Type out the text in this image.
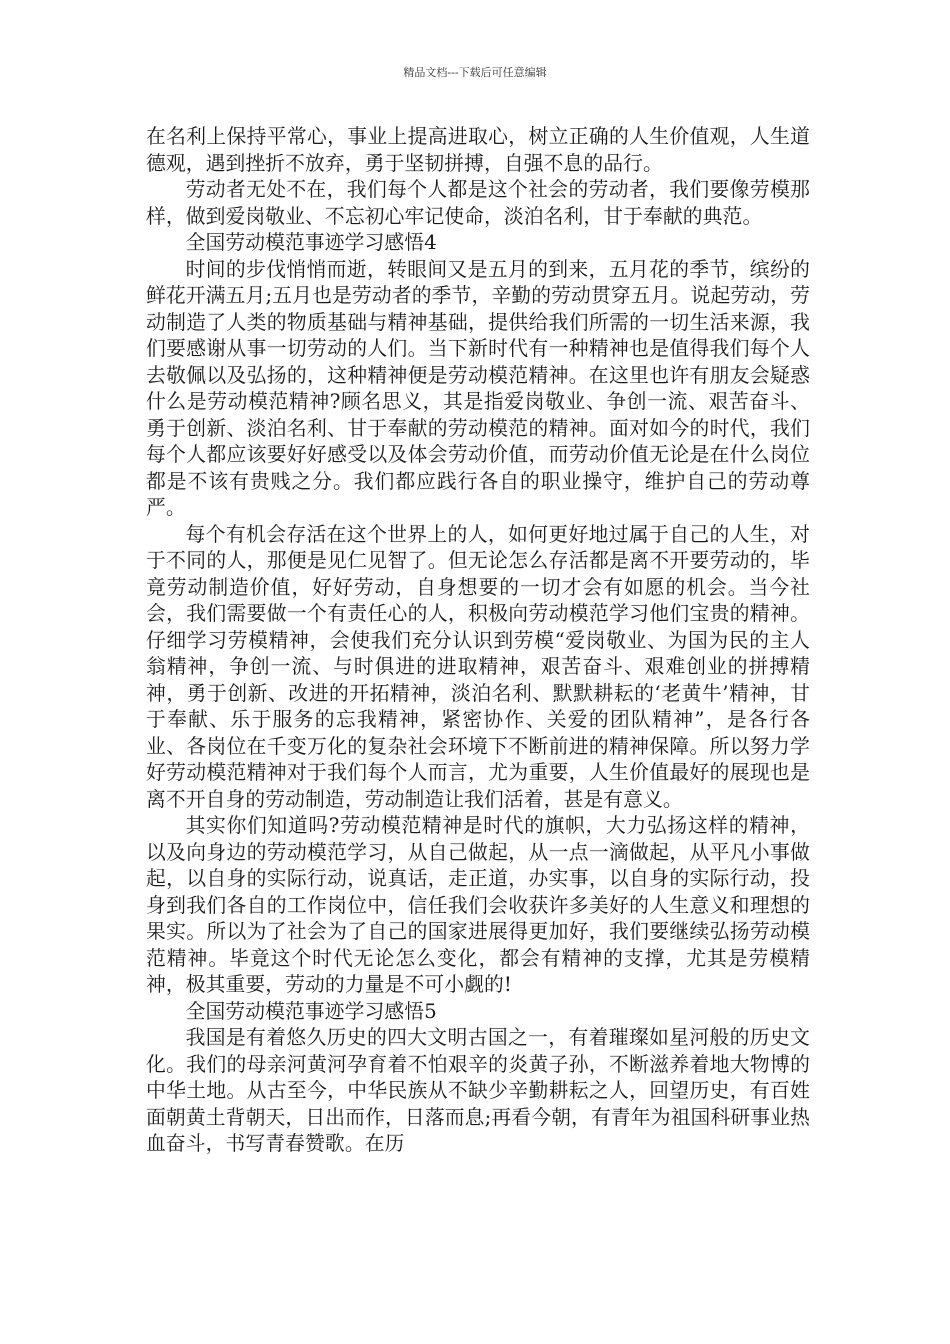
精品文档---下载后可任意编辑

在名利上保持平常心，事业上提高进取心，树立正确的人生价值观，人生道德观，遇到挫折不放弃，勇于坚韧拼搏，自强不息的品行。

劳动者无处不在，我们每个人都是这个社会的劳动者，我们要像劳模那样，做到爱岗敬业、不忘初心牢记使命，淡泊名利，甘于奉献的典范。

全国劳动模范事迹学习感悟4

时间的步伐悄悄而逝，转眼间又是五月的到来，五月花的季节，缤纷的鲜花开满五月;五月也是劳动者的季节，辛勤的劳动贯穿五月。说起劳动，劳动制造了人类的物质基础与精神基础，提供给我们所需的一切生活来源，我们要感谢从事一切劳动的人们。当下新时代有一种精神也是值得我们每个人去敬佩以及弘扬的，这种精神便是劳动模范精神。在这里也许有朋友会疑惑什么是劳动模范精神?顾名思义，其是指爱岗敬业、争创一流、艰苦奋斗、勇于创新、淡泊名利、甘于奉献的劳动模范的精神。面对如今的时代，我们每个人都应该要好好感受以及体会劳动价值，而劳动价值无论是在什么岗位都是不该有贵贱之分。我们都应践行各自的职业操守，维护自己的劳动尊严。

每个有机会存活在这个世界上的人，如何更好地过属于自己的人生，对于不同的人，那便是见仁见智了。但无论怎么存活都是离不开要劳动的，毕竟劳动制造价值，好好劳动，自身想要的一切才会有如愿的机会。当今社会，我们需要做一个有责任心的人，积极向劳动模范学习他们宝贵的精神。仔细学习劳模精神，会使我们充分认识到劳模“爱岗敬业、为国为民的主人翁精神，争创一流、与时俱进的进取精神，艰苦奋斗、艰难创业的拼搏精神，勇于创新、改进的开拓精神，淡泊名利、默默耕耘的‘老黄牛’精神，甘于奉献、乐于服务的忘我精神，紧密协作、关爱的团队精神”，是各行各业、各岗位在千变万化的复杂社会环境下不断前进的精神保障。所以努力学好劳动模范精神对于我们每个人而言，尤为重要，人生价值最好的展现也是离不开自身的劳动制造，劳动制造让我们活着，甚是有意义。

其实你们知道吗?劳动模范精神是时代的旗帜，大力弘扬这样的精神，以及向身边的劳动模范学习，从自己做起，从一点一滴做起，从平凡小事做起，以自身的实际行动，说真话，走正道，办实事，以自身的实际行动，投身到我们各自的工作岗位中，信任我们会收获许多美好的人生意义和理想的果实。所以为了社会为了自己的国家进展得更加好，我们要继续弘扬劳动模范精神。毕竟这个时代无论怎么变化，都会有精神的支撑，尤其是劳模精神，极其重要，劳动的力量是不可小觑的!

全国劳动模范事迹学习感悟5

我国是有着悠久历史的四大文明古国之一，有着璀璨如星河般的历史文化。我们的母亲河黄河孕育着不怕艰辛的炎黄子孙，不断滋养着地大物博的中华土地。从古至今，中华民族从不缺少辛勤耕耘之人，回望历史，有百姓面朝黄土背朝天，日出而作，日落而息;再看今朝，有青年为祖国科研事业热血奋斗，书写青春赞歌。在历
